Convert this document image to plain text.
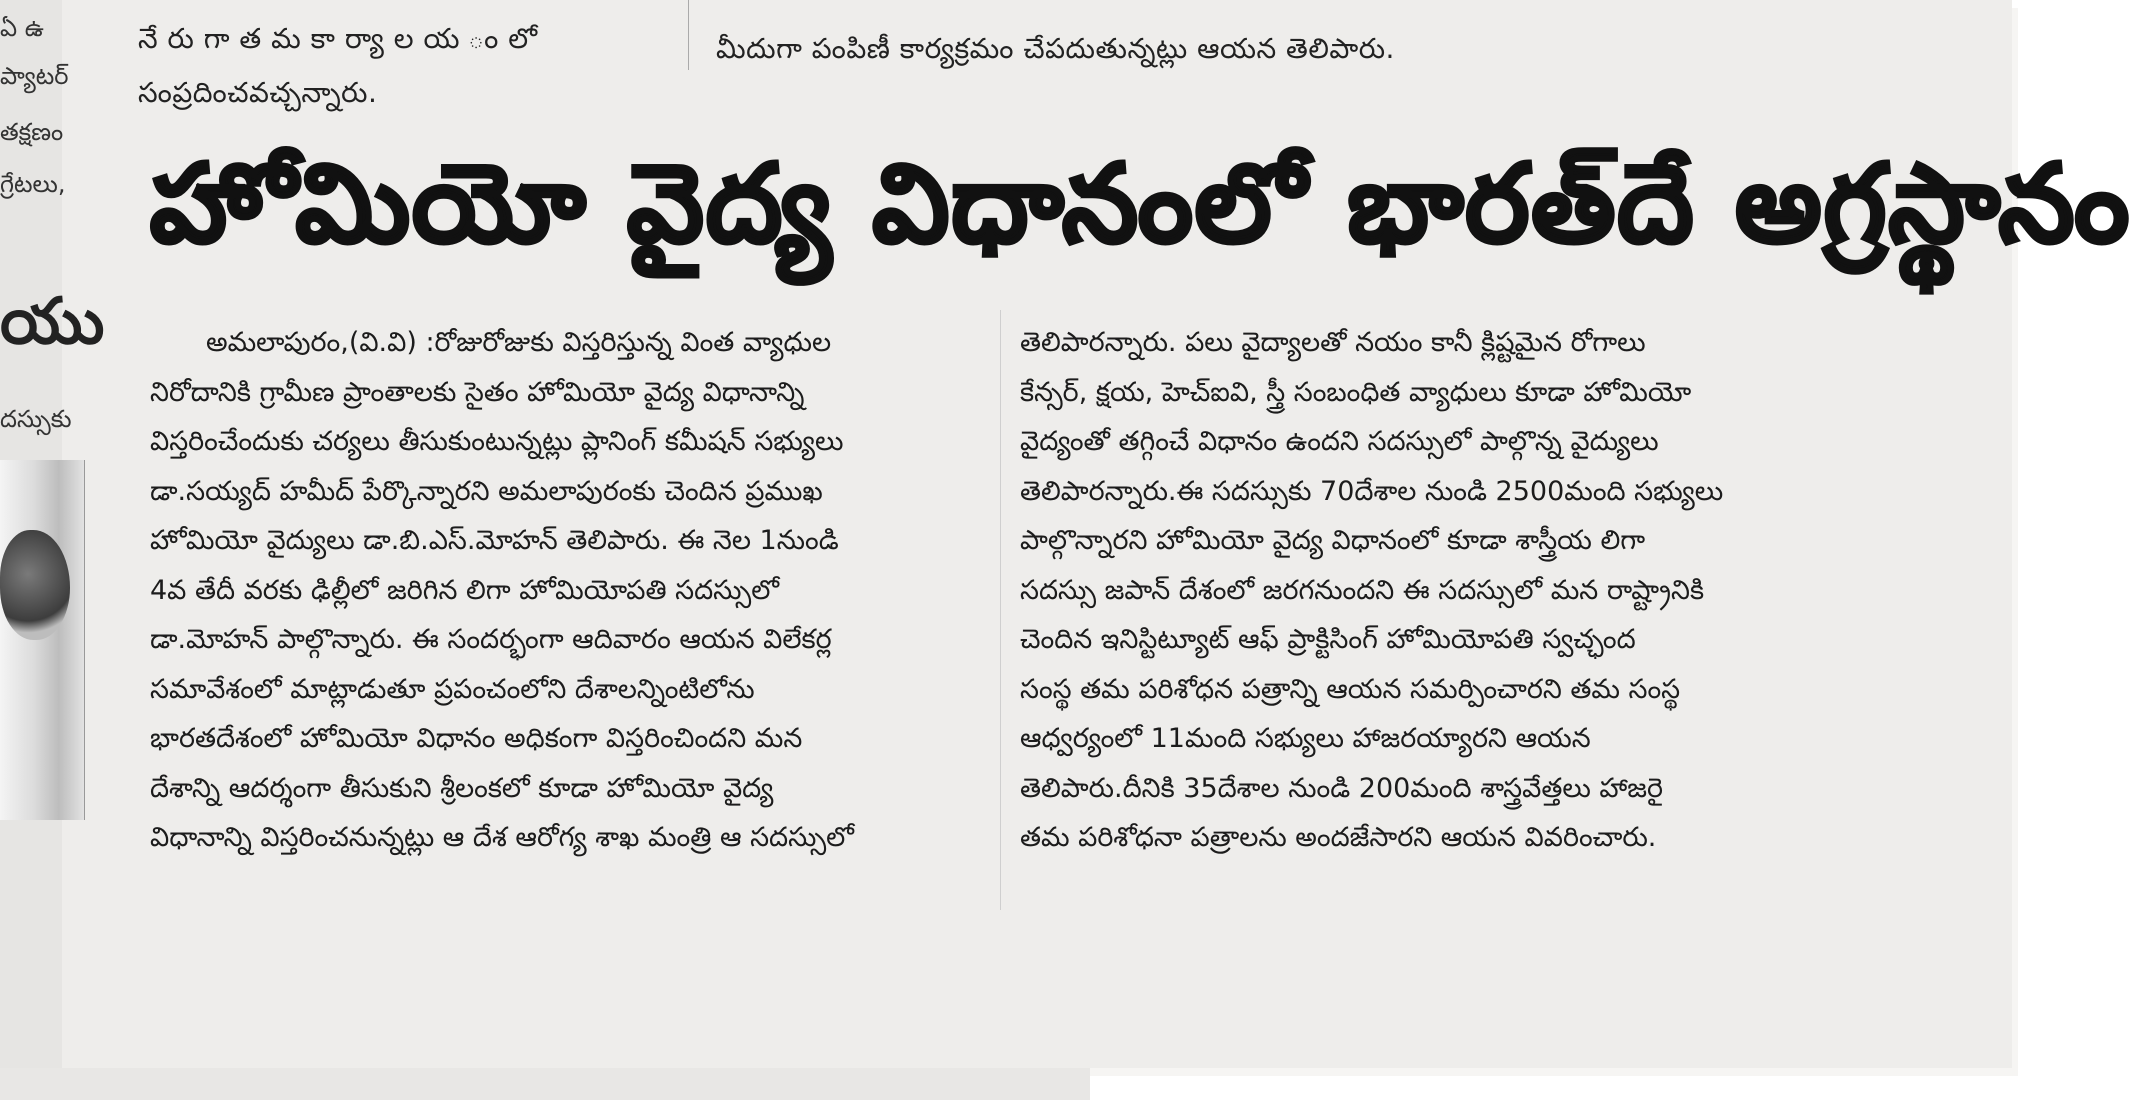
ఏ ఉ
ప్యాటర్
తక్షణం
గ్రేటలు,
యు
దస్సుకు
నే రు గా త మ కా ర్యా ల య ం లో
సంప్రదించవచ్చన్నారు.
మీదుగా పంపిణీ కార్యక్రమం చేపదుతున్నట్లు ఆయన తెలిపారు.
హోమియో వైద్య విధానంలో భారత్‌దే అగ్రస్థానం
అమలాపురం,(వి.వి) :రోజురోజుకు విస్తరిస్తున్న వింత వ్యాధుల
నిరోదానికి గ్రామీణ ప్రాంతాలకు సైతం హోమియో వైద్య విధానాన్ని
విస్తరించేందుకు చర్యలు తీసుకుంటున్నట్లు ప్లానింగ్ కమీషన్ సభ్యులు
డా.సయ్యద్ హమీద్ పేర్కొన్నారని అమలాపురంకు చెందిన ప్రముఖ
హోమియో వైద్యులు డా.బి.ఎస్.మోహన్ తెలిపారు. ఈ నెల 1నుండి
4వ తేదీ వరకు ఢిల్లీలో జరిగిన లిగా హోమియోపతి సదస్సులో
డా.మోహన్ పాల్గొన్నారు. ఈ సందర్భంగా ఆదివారం ఆయన విలేకర్ల
సమావేశంలో మాట్లాడుతూ ప్రపంచంలోని దేశాలన్నింటిలోను
భారతదేశంలో హోమియో విధానం అధికంగా విస్తరించిందని మన
దేశాన్ని ఆదర్శంగా తీసుకుని శ్రీలంకలో కూడా హోమియో వైద్య
విధానాన్ని విస్తరించనున్నట్లు ఆ దేశ ఆరోగ్య శాఖ మంత్రి ఆ సదస్సులో
తెలిపారన్నారు. పలు వైద్యాలతో నయం కానీ క్లిష్టమైన రోగాలు
కేన్సర్, క్షయ, హెచ్ఐవి, స్త్రీ సంబంధిత వ్యాధులు కూడా హోమియో
వైద్యంతో తగ్గించే విధానం ఉందని సదస్సులో పాల్గొన్న వైద్యులు
తెలిపారన్నారు.ఈ సదస్సుకు 70దేశాల నుండి 2500మంది సభ్యులు
పాల్గొన్నారని హోమియో వైద్య విధానంలో కూడా శాస్త్రీయ లిగా
సదస్సు జపాన్ దేశంలో జరగనుందని ఈ సదస్సులో మన రాష్ట్రానికి
చెందిన ఇనిస్టిట్యూట్ ఆఫ్ ప్రాక్టిసింగ్ హోమియోపతి స్వచ్ఛంద
సంస్థ తమ పరిశోధన పత్రాన్ని ఆయన సమర్పించారని తమ సంస్థ
ఆధ్వర్యంలో 11మంది సభ్యులు హాజరయ్యారని ఆయన
తెలిపారు.దీనికి 35దేశాల నుండి 200మంది శాస్త్రవేత్తలు హాజరై
తమ పరిశోధనా పత్రాలను అందజేసారని ఆయన వివరించారు.
